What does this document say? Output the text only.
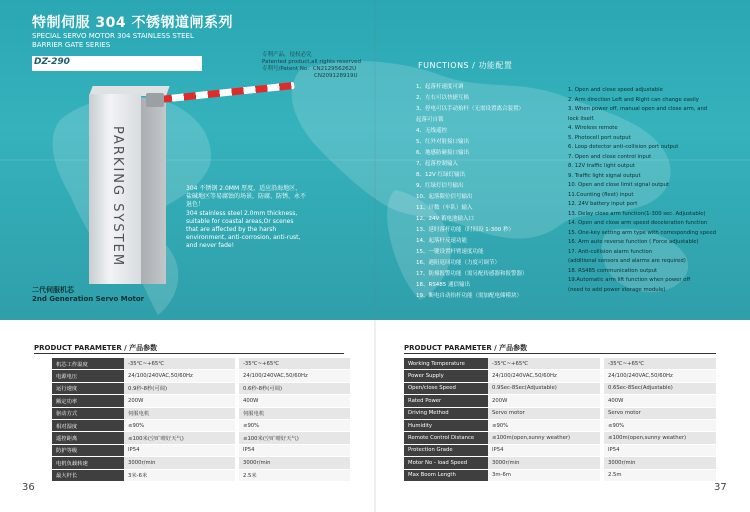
特制伺服 304 不锈钢道闸系列
SPECIAL SERVO MOTOR 304 STAINLESS STEEL
BARRIER GATE SERIES
DZ-290
专利产品，侵权必究
Patented product,all rights reserved
专利号/Patent No：CN212956262U
CN209128919U
PARKING SYSTEM	304 不锈钢 2.0MM 厚度，适应沿海地区、盐碱地区等易腐蚀的场景，防腐、防锈、永不退色！
304 stainless steel 2.0mm thickness, suitable for coastal areas,Or scenes that are affected by the harsh environment, anti-corrosion, anti-rust, and never fade!
二代伺服机芯
2nd Generation Servo Motor
FUNCTIONS / 功能配置
1、起落杆速度可调
2、左右可以快捷互换
3、停电可以手动抬杆（无需设置离合装置）
起落可自锁
4、无线遥控
5、红外对射接口输出
6、地感防砸接口输出
7、起落控制输入
8、12V 红绿灯输出
9、红绿灯信号输出
10、起落限位信号输出
11、计数（车队）输入
12、24V 蓄电池输入口
13、延时落杆功能（时间设 1-300 秒）
14、起落杆反速功能
15、一键设置杆臂速度功能
16、遇阻返回功能（力度可调节）
17、防撞报警功能（需另配传感器和报警器）
18、RS485 通信输出
19、断电自动抬杆功能（需加配电储模块）
1. Open and close speed adjustable
2. Arm direction Left and Right can change easily
3. When power off, manual open and close arm, and lock itself.
4. Wireless remote
5. Photocell port output
6. Loop detector anti-collision port output
7. Open and close control input
8. 12V traffic light output
9. Traffic light signal output
10. Open and close limit signal output
11.Counting (fleet) input
12. 24V battery input port
13. Delay close arm function(1-300 sec. Adjustable)
14. Open and close arm speed deceleration function
15. One-key setting arm type with corresponding speed
16. Arm auto reverse function ( Force adjustable)
17. Anti-collision alarm function
(additional sensors and alarms are required)
18. RS485 communication output
19.Automatic arm lift function when power off
(need to add power storage module)
PRODUCT PARAMETER / 产品参数
机芯工作温度	-35℃~+65℃	-35℃~+65℃
电源电压	24/100/240VAC,50/60Hz	24/100/240VAC,50/60Hz
运行速度	0.9秒-8秒(可调)	0.6秒-8秒(可调)
额定功率	200W	400W
驱动方式	伺服电机	伺服电机
相对湿度	≤90%	≤90%
遥控距离	≤100米(空旷晴好天气)	≤100米(空旷晴好天气)
防护等级	IP54	IP54
电机负载转速	3000r/min	3000r/min
最大杆长	3米-6米	2.5米
PRODUCT PARAMETER / 产品参数
Working Temperature	-35℃~+65℃	-35℃~+65℃
Power Supply	24/100/240VAC,50/60Hz	24/100/240VAC,50/60Hz
Open/close Speed	0.9Sec-8Sec(Adjustable)	0.6Sec-8Sec(Adjustable)
Rated Power	200W	400W
Driving Method	Servo motor	Servo motor
Humidity	≤90%	≤90%
Remote Control Distance	≤100m(open,sunny weather)	≤100m(open,sunny weather)
Protection Grade	IP54	IP54
Motor No - load Speed	3000r/min	3000r/min
Max Boom Length	3m-6m	2.5m
36	37
